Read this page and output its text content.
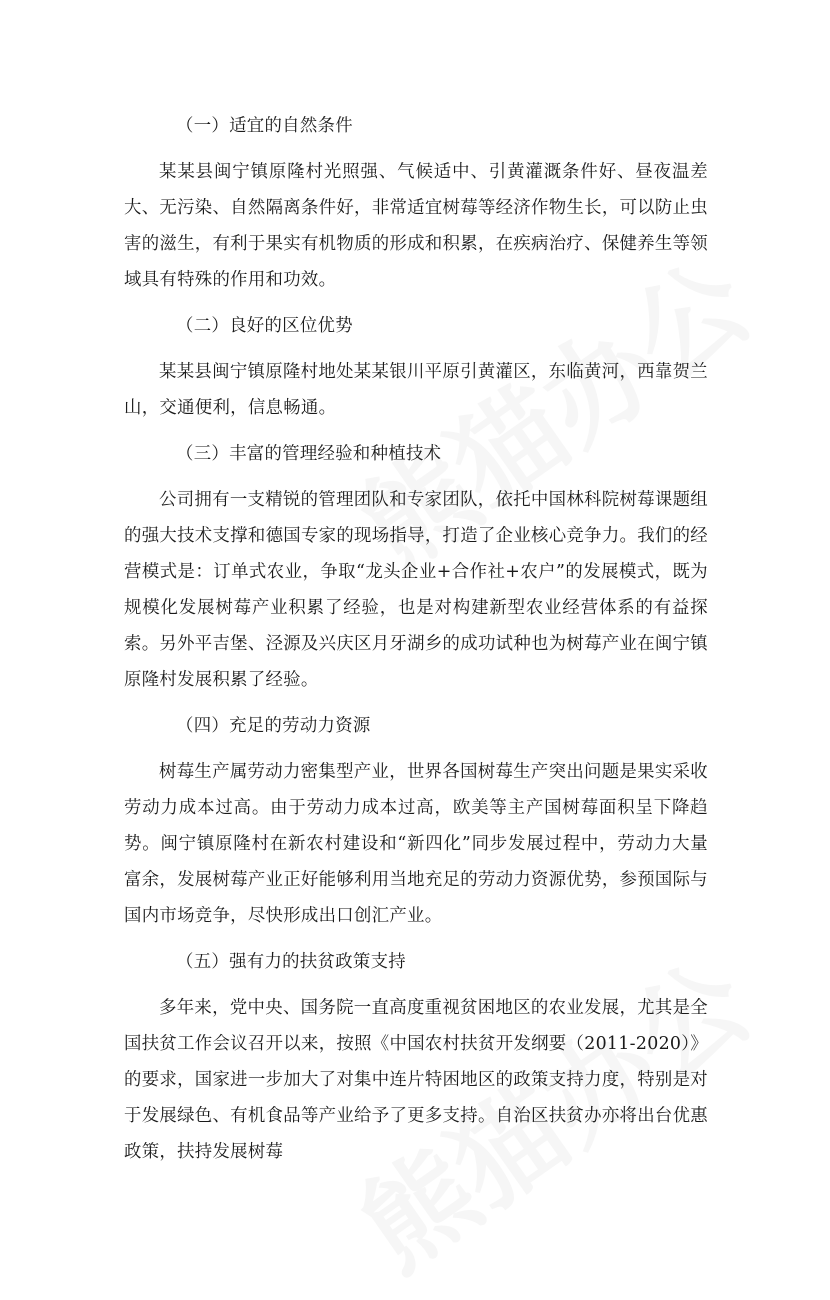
（一）适宜的自然条件

某某县闽宁镇原隆村光照强、气候适中、引黄灌溉条件好、昼夜温差大、无污染、自然隔离条件好，非常适宜树莓等经济作物生长，可以防止虫害的滋生，有利于果实有机物质的形成和积累，在疾病治疗、保健养生等领域具有特殊的作用和功效。

（二）良好的区位优势

某某县闽宁镇原隆村地处某某银川平原引黄灌区，东临黄河，西靠贺兰山，交通便利，信息畅通。

（三）丰富的管理经验和种植技术

公司拥有一支精锐的管理团队和专家团队，依托中国林科院树莓课题组的强大技术支撑和德国专家的现场指导，打造了企业核心竞争力。我们的经营模式是：订单式农业，争取“龙头企业+合作社+农户”的发展模式，既为规模化发展树莓产业积累了经验，也是对构建新型农业经营体系的有益探索。另外平吉堡、泾源及兴庆区月牙湖乡的成功试种也为树莓产业在闽宁镇原隆村发展积累了经验。

（四）充足的劳动力资源

树莓生产属劳动力密集型产业，世界各国树莓生产突出问题是果实采收劳动力成本过高。由于劳动力成本过高，欧美等主产国树莓面积呈下降趋势。闽宁镇原隆村在新农村建设和“新四化”同步发展过程中，劳动力大量富余，发展树莓产业正好能够利用当地充足的劳动力资源优势，参预国际与国内市场竞争，尽快形成出口创汇产业。

（五）强有力的扶贫政策支持

多年来，党中央、国务院一直高度重视贫困地区的农业发展，尤其是全国扶贫工作会议召开以来，按照《中国农村扶贫开发纲要（2011-2020）》的要求，国家进一步加大了对集中连片特困地区的政策支持力度，特别是对于发展绿色、有机食品等产业给予了更多支持。自治区扶贫办亦将出台优惠政策，扶持发展树莓
